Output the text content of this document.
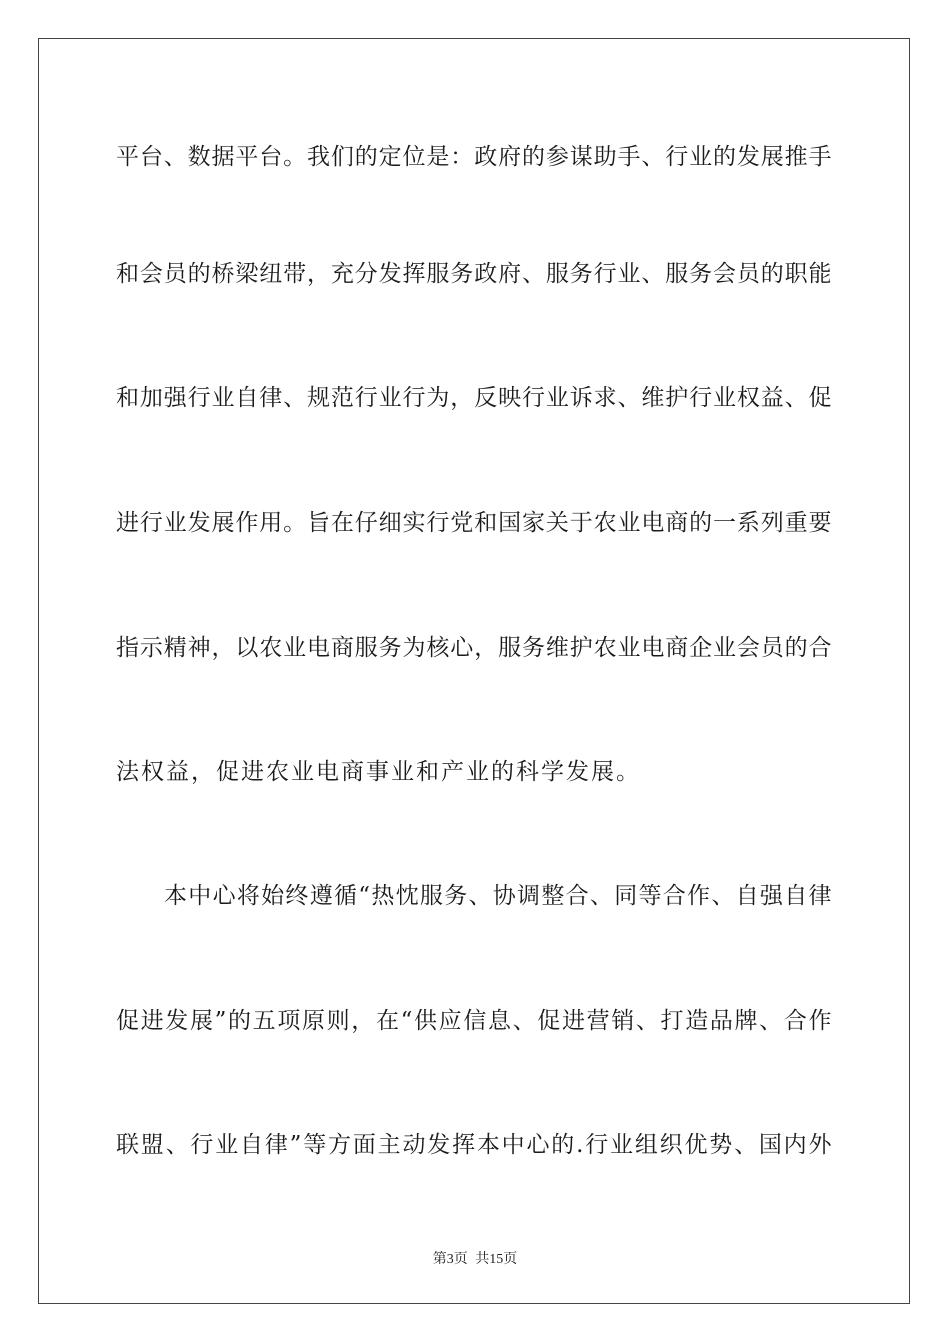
平台、数据平台。我们的定位是：政府的参谋助手、行业的发展推手
和会员的桥梁纽带，充分发挥服务政府、服务行业、服务会员的职能
和加强行业自律、规范行业行为，反映行业诉求、维护行业权益、促
进行业发展作用。旨在仔细实行党和国家关于农业电商的一系列重要
指示精神，以农业电商服务为核心，服务维护农业电商企业会员的合
法权益，促进农业电商事业和产业的科学发展。
本中心将始终遵循“热忱服务、协调整合、同等合作、自强自律
促进发展”的五项原则，在“供应信息、促进营销、打造品牌、合作
联盟、行业自律”等方面主动发挥本中心的.行业组织优势、国内外
第3页 共15页
